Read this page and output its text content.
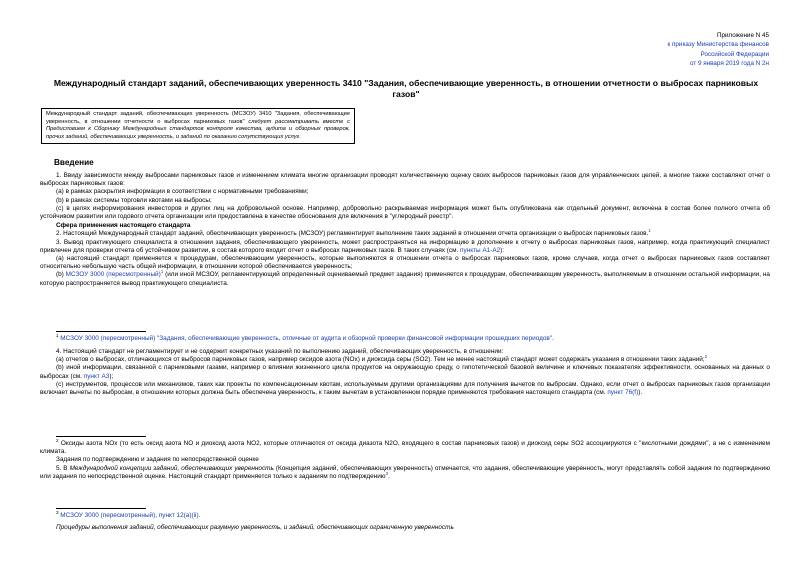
Приложение N 45
к приказу Министерства финансов
Российской Федерации
от 9 января 2019 года N 2н
Международный стандарт заданий, обеспечивающих уверенность 3410 "Задания, обеспечивающие уверенность, в отношении отчетности о выбросах парниковых газов"
Международный стандарт заданий, обеспечивающих уверенность (МСЗОУ) 3410 "Задания, обеспечивающие уверенность, в отношении отчетности о выбросах парниковых газов" следует рассматривать вместе с Предисловием к Сборнику Международных стандартов контроля качества, аудита и обзорных проверок, прочих заданий, обеспечивающих уверенность, и заданий по оказанию сопутствующих услуг.
Введение
1. Ввиду зависимости между выбросами парниковых газов и изменением климата многие организации проводят количественную оценку своих выбросов парниковых газов для управленческих целей, а многие также составляют отчет о выбросах парниковых газов:
(a) в рамках раскрытия информации в соответствии с нормативными требованиями;
(b) в рамках системы торговли квотами на выбросы;
(c) в целях информирования инвесторов и других лиц на добровольной основе. Например, добровольно раскрываемая информация может быть опубликована как отдельный документ, включена в состав более полного отчета об устойчивом развитии или годового отчета организации или предоставлена в качестве обоснования для включения в "углеродный реестр".
Сфера применения настоящего стандарта
2. Настоящий Международный стандарт заданий, обеспечивающих уверенность (МСЗОУ) регламентирует выполнение таких заданий в отношении отчета организации о выбросах парниковых газов.$^1$
3. Вывод практикующего специалиста в отношении задания, обеспечивающего уверенность, может распространяться на информацию в дополнение к отчету о выбросах парниковых газов, например, когда практикующий специалист привлечен для проверки отчета об устойчивом развитии, в состав которого входит отчет о выбросах парниковых газов. В таких случаях (см. пункты А1-А2):
(a) настоящий стандарт применяется к процедурам, обеспечивающим уверенность, которые выполняются в отношении отчета о выбросах парниковых газов, кроме случаев, когда отчет о выбросах парниковых газов составляет относительно небольшую часть общей информации, в отношении которой обеспечивается уверенность;
(b) МСЗОУ 3000 (пересмотренный)$^1$ (или иной МСЗОУ, регламентирующий определенный оцениваемый предмет задания) применяется к процедурам, обеспечивающим уверенность, выполняемым в отношении остальной информации, на которую распространяется вывод практикующего специалиста.
$^1$ МСЗОУ 3000 (пересмотренный) "Задания, обеспечивающие уверенность, отличные от аудита и обзорной проверки финансовой информации прошедших периодов".
4. Настоящий стандарт не регламентирует и не содержит конкретных указаний по выполнению заданий, обеспечивающих уверенность, в отношении:
(a) отчетов о выбросах, отличающихся от выбросов парниковых газов, например оксидов азота (NOx) и диоксида серы (SO2). Тем не менее настоящий стандарт может содержать указания в отношении таких заданий;$^2$
(b) иной информации, связанной с парниковыми газами, например о влиянии жизненного цикла продуктов на окружающую среду, о гипотетической базовой величине и ключевых показателях эффективности, основанных на данных о выбросах (см. пункт А3);
(c) инструментов, процессов или механизмов, таких как проекты по компенсационным квотам, используемым другими организациями для получения вычетов по выбросам. Однако, если отчет о выбросах парниковых газов организации включает вычеты по выбросам, в отношении которых должна быть обеспечена уверенность, к таким вычетам в установленном порядке применяются требования настоящего стандарта (см. пункт 76(f)).
$^2$ Оксиды азота NOx (то есть оксид азота NO и диоксид азота NO2, которые отличаются от оксида диазота N2O, входящего в состав парниковых газов) и диоксид серы SO2 ассоциируются с "кислотными дождями", а не с изменением климата.
Задания по подтверждению и задания по непосредственной оценке
5. В Международной концепции заданий, обеспечивающих уверенность (Концепция заданий, обеспечивающих уверенность) отмечается, что задания, обеспечивающие уверенность, могут представлять собой задания по подтверждению или задания по непосредственной оценке. Настоящий стандарт применяется только к заданиям по подтверждению$^3$.
$^3$ МСЗОУ 3000 (пересмотренный), пункт 12(а)(ii).
Процедуры выполнения заданий, обеспечивающих разумную уверенность, и заданий, обеспечивающих ограниченную уверенность
